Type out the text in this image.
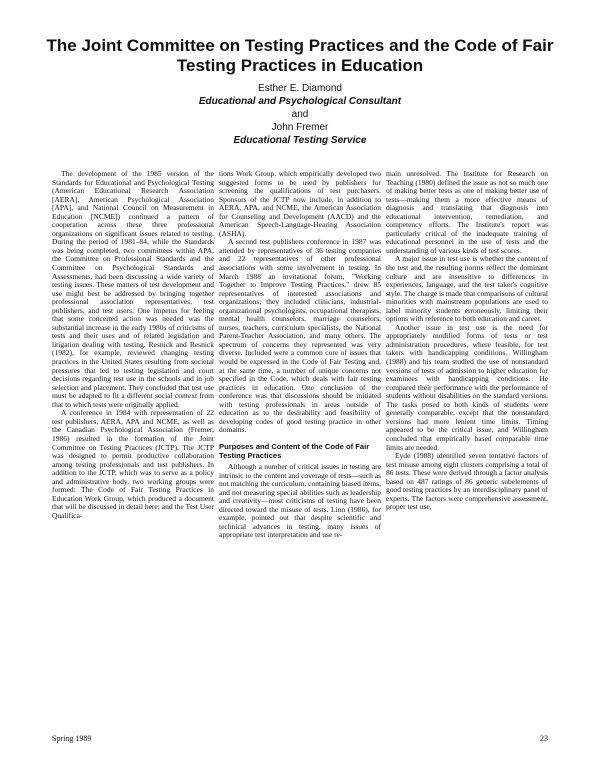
The Joint Committee on Testing Practices and the Code of Fair Testing Practices in Education
Esther E. Diamond
Educational and Psychological Consultant
and
John Fremer
Educational Testing Service

The development of the 1985 version of the Standards for Educational and Psychological Testing (American Educational Research Association [AERA], American Psychological Association [APA], and National Council on Measurement in Education [NCME]) continued a pattern of cooperation across these three professional organizations on significant issues related to testing. During the period of 1981–84, while the Standards was being completed, two committees within APA, the Committee on Professional Standards and the Committee on Psychological Standards and Assessments, had been discussing a wide variety of testing issues. These matters of test development and use might best be addressed by bringing together professional association representatives, test publishers, and test users. One impetus for feeling that some concerted action was needed was the substantial increase in the early 1980s of criticisms of tests and their uses and of related legislation and litigation dealing with testing. Resnick and Resnick (1982), for example, reviewed changing testing practices in the United States resulting from societal pressures that led to testing legislation and court decisions regarding test use in the schools and in job selection and placement. They concluded that test use must be adapted to fit a different social context from that to which tests were originally applied.

A conference in 1984 with representation of 22 test publishers, AERA, APA and NCME, as well as the Canadian Psychological Association (Fremer, 1986) resulted in the formation of the Joint Committee on Testing Practices (JCTP). The JCTP was designed to permit productive collaboration among testing professionals and test publishers. In addition to the JCTP, which was to serve as a policy and administrative body, two working groups were formed: The Code of Fair Testing Practices in Education Work Group, which produced a document that will be discussed in detail here; and the Test User Qualifica-

tions Work Group, which empirically developed two suggested forms to be used by publishers for screening the qualifications of test purchasers. Sponsors of the JCTP now include, in addition to AERA, APA, and NCME, the American Association for Counseling and Development (AACD) and the American Speech-Language-Hearing Association (ASHA).

A second test publishers conference in 1987 was attended by representatives of 36 testing companies and 22 representatives of other professional associations with some involvement in testing. In March 1988 an invitational forum, "Working Together to Improve Testing Practices," drew 85 representatives of interested associations and organizations; they included clinicians, industrial-organizational psychologists, occupational therapists, mental health counselors, marriage counselors, nurses, teachers, curriculum specialists, the National Parent-Teacher Association, and many others. The spectrum of concerns they represented was very diverse. Included were a common core of issues that would be expressed in the Code of Fair Testing and, at the same time, a number of unique concerns not specified in the Code, which deals with fair testing practices in education. One conclusion of the conference was that discussions should be initiated with testing professionals in areas outside of education as to the desirability and feasibility of developing codes of good testing practice in other domains.

Purposes and Content of the Code of Fair Testing Practices

Although a number of critical issues in testing are intrinsic to the content and coverage of tests—such as not matching the curriculum, containing biased items, and not measuring special abilities such as leadership and creativity—most criticisms of testing have been directed toward the misuse of tests. Linn (1986), for example, pointed out that despite scientific and technical advances in testing, many issues of appropriate test interpretation and use re-

main unresolved. The Institute for Research on Teaching (1980) defined the issue as not so much one of making better tests as one of making better use of tests—making them a more effective means of diagnosis and translating that diagnosis into educational intervention, remediation, and competency efforts. The Institute's report was particularly critical of the inadequate training of educational personnel in the use of tests and the understanding of various kinds of test scores.

A major issue in test use is whether the content of the test and the resulting norms reflect the dominant culture and are insensitive to differences in experiences, language, and the test taker's cognitive style. The charge is made that comparisons of cultural minorities with mainstream populations are used to label minority students erroneously, limiting their options with reference to both education and career.

Another issue in test use is the need for appropriately modified forms of tests or test administration procedures, where feasible, for test takers with handicapping conditions. Willingham (1988) and his team studied the use of nonstandard versions of tests of admission to higher education for examinees with handicapping conditions. He compared their performance with the performance of students without disabilities on the standard versions. The tasks posed to both kinds of students were generally comparable, except that the nonstandard versions had more lenient time limits. Timing appeared to be the critical issue, and Willingham concluded that empirically based comparable time limits are needed.

Eyde (1988) identified seven tentative factors of test misuse among eight clusters comprising a total of 86 tests. These were derived through a factor analysis based on 487 ratings of 86 generic subelements of good testing practices by an interdisciplinary panel of experts. The factors were comprehensive assessment, proper test use,

Spring 1989	23
